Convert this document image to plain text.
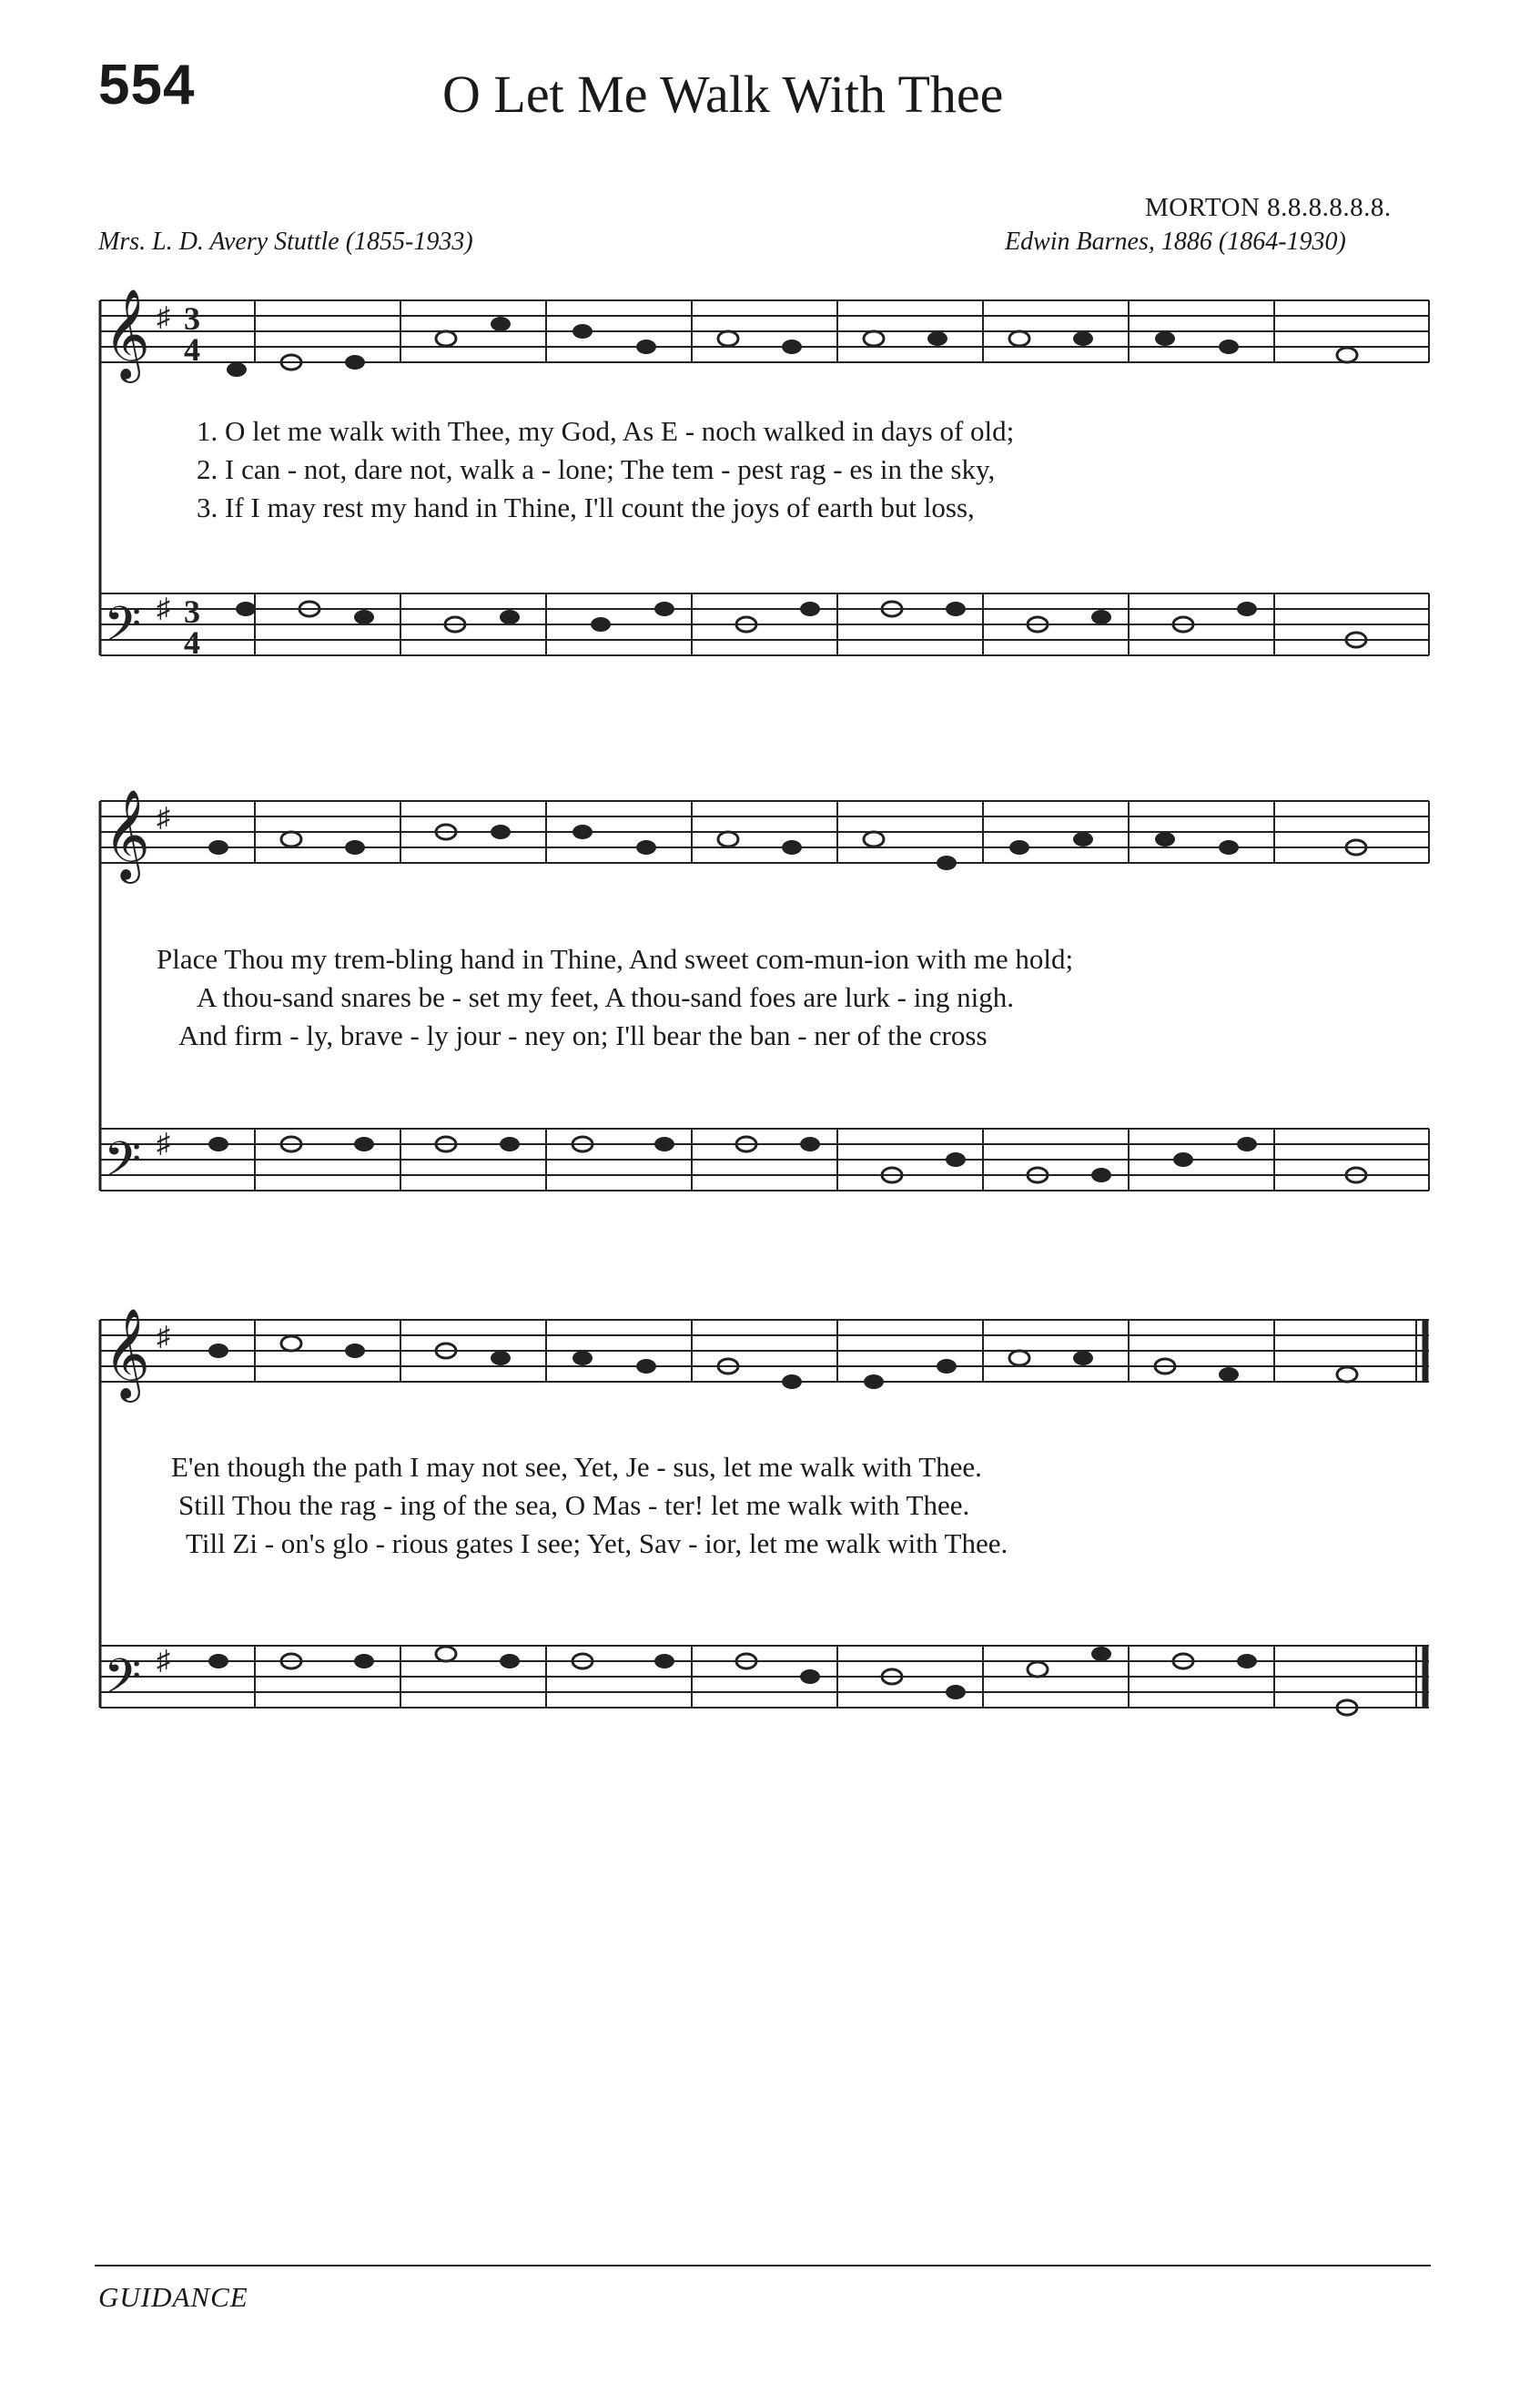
554	O Let Me Walk With Thee
MORTON 8.8.8.8.8.8.
Mrs. L. D. Avery Stuttle (1855-1933)	Edwin Barnes, 1886 (1864-1930)
𝄞
𝄢
♯
♯
3
4
3
4
1. O let me walk with Thee, my God, As E - noch walked in days of old;
2. I can - not, dare not, walk a - lone; The tem - pest rag - es in the sky,
3. If I may rest my hand in Thine, I'll count the joys of earth but loss,
𝄞
𝄢
♯
♯
Place Thou my trem-bling hand in Thine, And sweet com-mun-ion with me hold;
A thou-sand snares be - set my feet, A thou-sand foes are lurk - ing nigh.
And firm - ly, brave - ly jour - ney on; I'll bear the ban - ner of the cross
𝄞
𝄢
♯
♯
E'en though the path I may not see, Yet, Je - sus, let me walk with Thee.
Still Thou the rag - ing of the sea, O Mas - ter! let me walk with Thee.
Till Zi - on's glo - rious gates I see; Yet, Sav - ior, let me walk with Thee.
GUIDANCE
